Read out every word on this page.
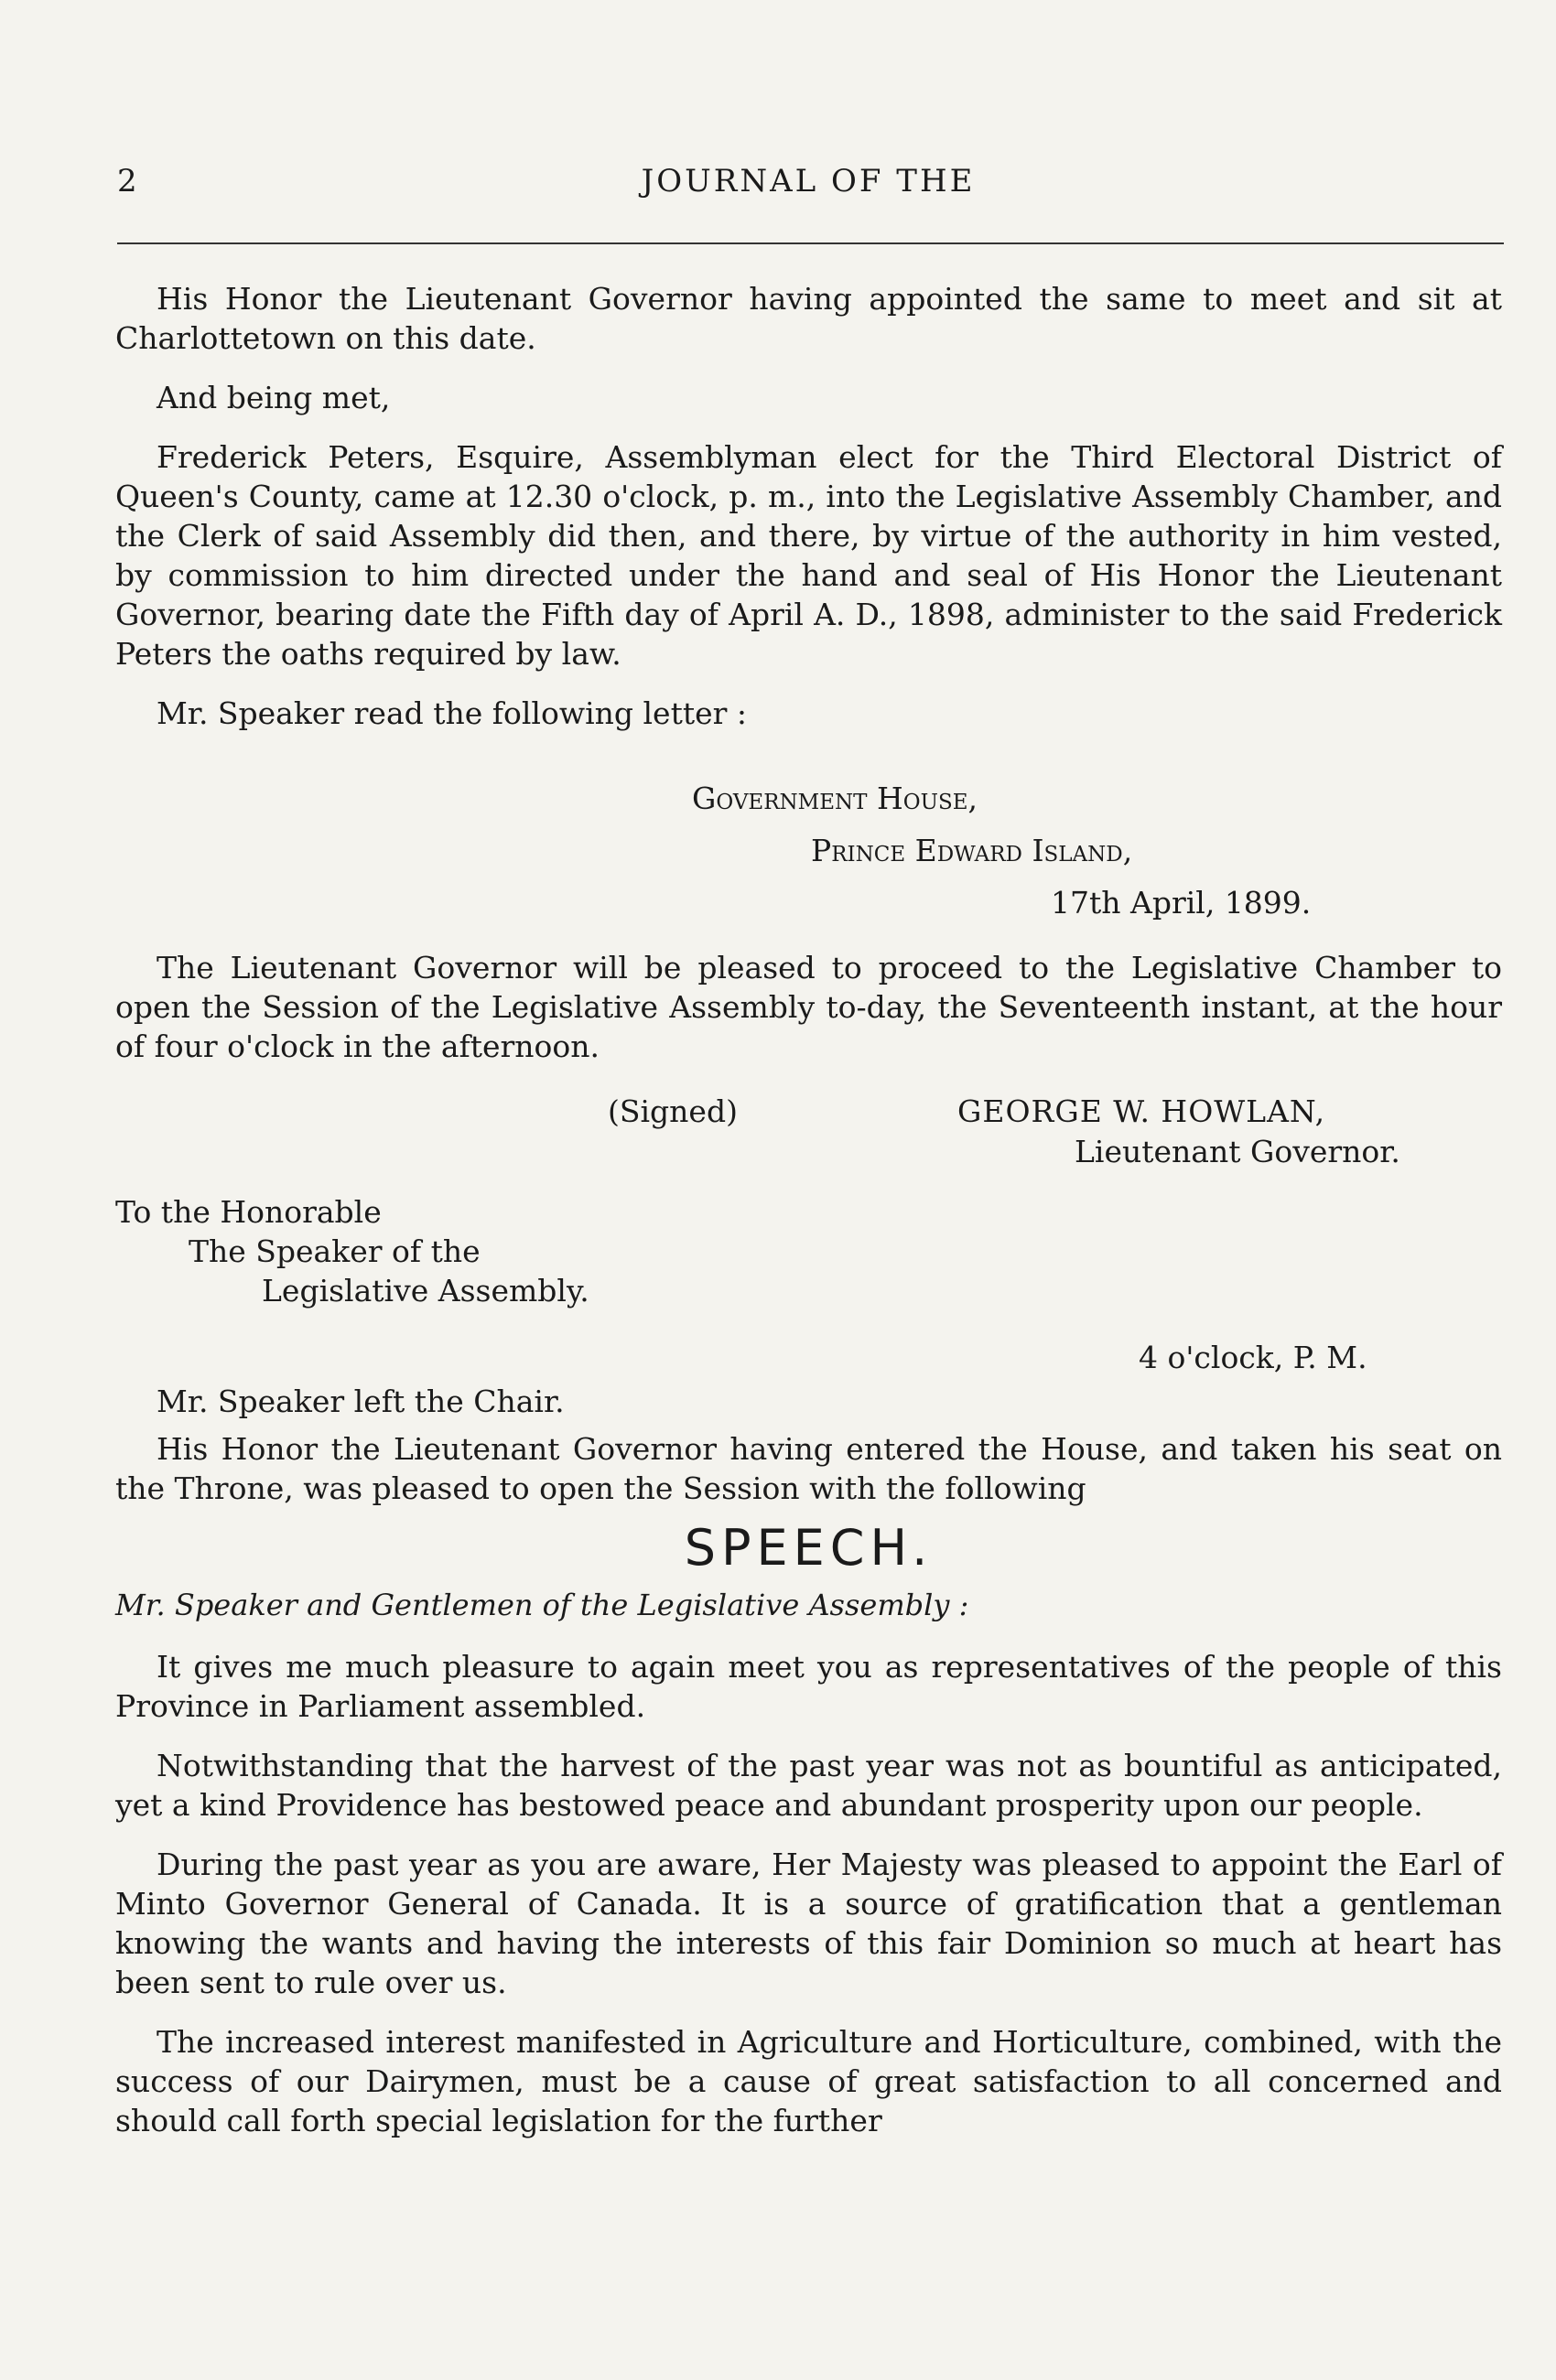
2	JOURNAL OF THE

His Honor the Lieutenant Governor having appointed the same to meet and sit at Charlottetown on this date.

And being met,

Frederick Peters, Esquire, Assemblyman elect for the Third Electoral District of Queen's County, came at 12.30 o'clock, p. m., into the Legislative Assembly Chamber, and the Clerk of said Assembly did then, and there, by virtue of the authority in him vested, by commission to him directed under the hand and seal of His Honor the Lieutenant Governor, bearing date the Fifth day of April A. D., 1898, administer to the said Frederick Peters the oaths required by law.

Mr. Speaker read the following letter :

Government House,
Prince Edward Island,
17th April, 1899.

The Lieutenant Governor will be pleased to proceed to the Legislative Chamber to open the Session of the Legislative Assembly to-day, the Seventeenth instant, at the hour of four o'clock in the afternoon.

(Signed)	GEORGE W. HOWLAN,
Lieutenant Governor.
To the Honorable
The Speaker of the
Legislative Assembly.
4 o'clock, P. M.
Mr. Speaker left the Chair.

His Honor the Lieutenant Governor having entered the House, and taken his seat on the Throne, was pleased to open the Session with the following

SPEECH.
Mr. Speaker and Gentlemen of the Legislative Assembly :

It gives me much pleasure to again meet you as representatives of the people of this Province in Parliament assembled.

Notwithstanding that the harvest of the past year was not as bountiful as anticipated, yet a kind Providence has bestowed peace and abundant prosperity upon our people.

During the past year as you are aware, Her Majesty was pleased to appoint the Earl of Minto Governor General of Canada. It is a source of gratification that a gentleman knowing the wants and having the interests of this fair Dominion so much at heart has been sent to rule over us.

The increased interest manifested in Agriculture and Horticulture, combined, with the success of our Dairymen, must be a cause of great satisfaction to all concerned and should call forth special legislation for the further
